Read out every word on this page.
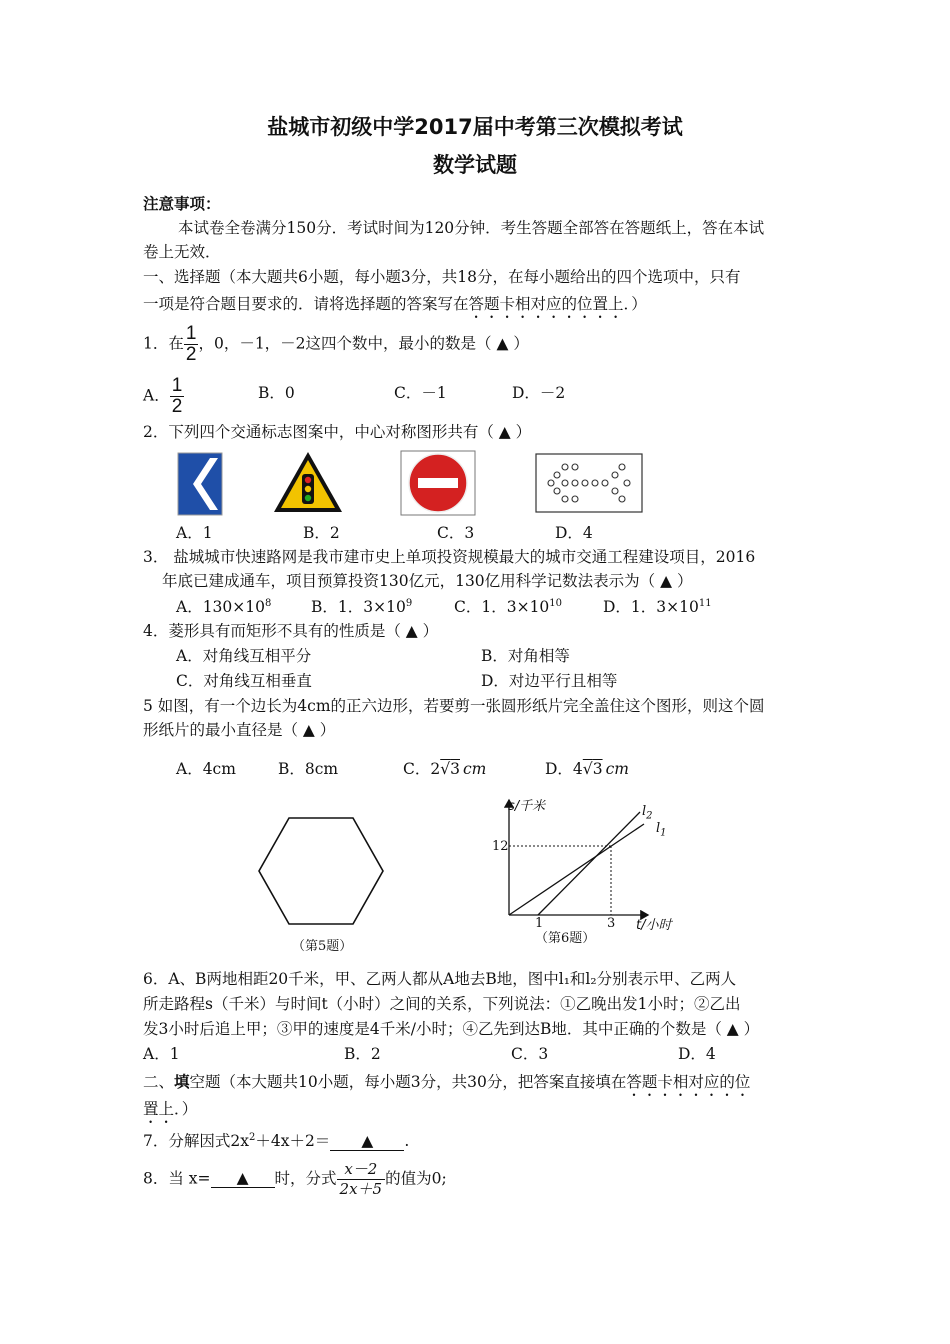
盐城市初级中学2017届中考第三次模拟考试
数学试题
注意事项：
本试卷全卷满分150分．考试时间为120分钟．考生答题全部答在答题纸上，答在本试
卷上无效．
一、选择题（本大题共6小题，每小题3分，共18分，在每小题给出的四个选项中，只有
一项是符合题目要求的．请将选择题的答案写在答题卡相对应的位置上．）
1．在 $\frac{1}{2}$ ，0，－1，－2这四个数中，最小的数是（ ▲ ）
A． $\frac{1}{2}$	B．0	C．－1	D．－2
2．下列四个交通标志图案中，中心对称图形共有（ ▲ ）
A．1	B．2	C．3	D．4
3． 盐城城市快速路网是我市建市史上单项投资规模最大的城市交通工程建设项目，2016
年底已建成通车，项目预算投资130亿元，130亿用科学记数法表示为（ ▲ ）
A．$130\times 10^8$	B．1．$3\times 10^9$	C．1．$3\times 10^{10}$	D．1．$3\times 10^{11}$
4．菱形具有而矩形不具有的性质是（ ▲ ）
A．对角线互相平分	B．对角相等
C．对角线互相垂直	D．对边平行且相等
5 如图，有一个边长为4cm的正六边形，若要剪一张圆形纸片完全盖住这个图形，则这个圆
形纸片的最小直径是（ ▲ ）
A．4cm	B．8cm	C．2√3 cm	D．4√3 cm
（第5题）
s/千米
t/小时
12
1	3
$l_2$
$l_1$
（第6题）
6．A、B两地相距20千米，甲、乙两人都从A地去B地，图中l₁和l₂分别表示甲、乙两人
所走路程s（千米）与时间t（小时）之间的关系，下列说法：①乙晚出发1小时；②乙出
发3小时后追上甲；③甲的速度是4千米/小时；④乙先到达B地．其中正确的个数是（ ▲ ）
A．1	B．2	C．3	D．4
二、填空题（本大题共10小题，每小题3分，共30分，把答案直接填在答题卡相对应的位
置上．）
7．分解因式$2x^2+4x+2=$ ▲ .
8．当 x= ▲ 时，分式 $\frac{x-2}{2x+5}$ 的值为0;
